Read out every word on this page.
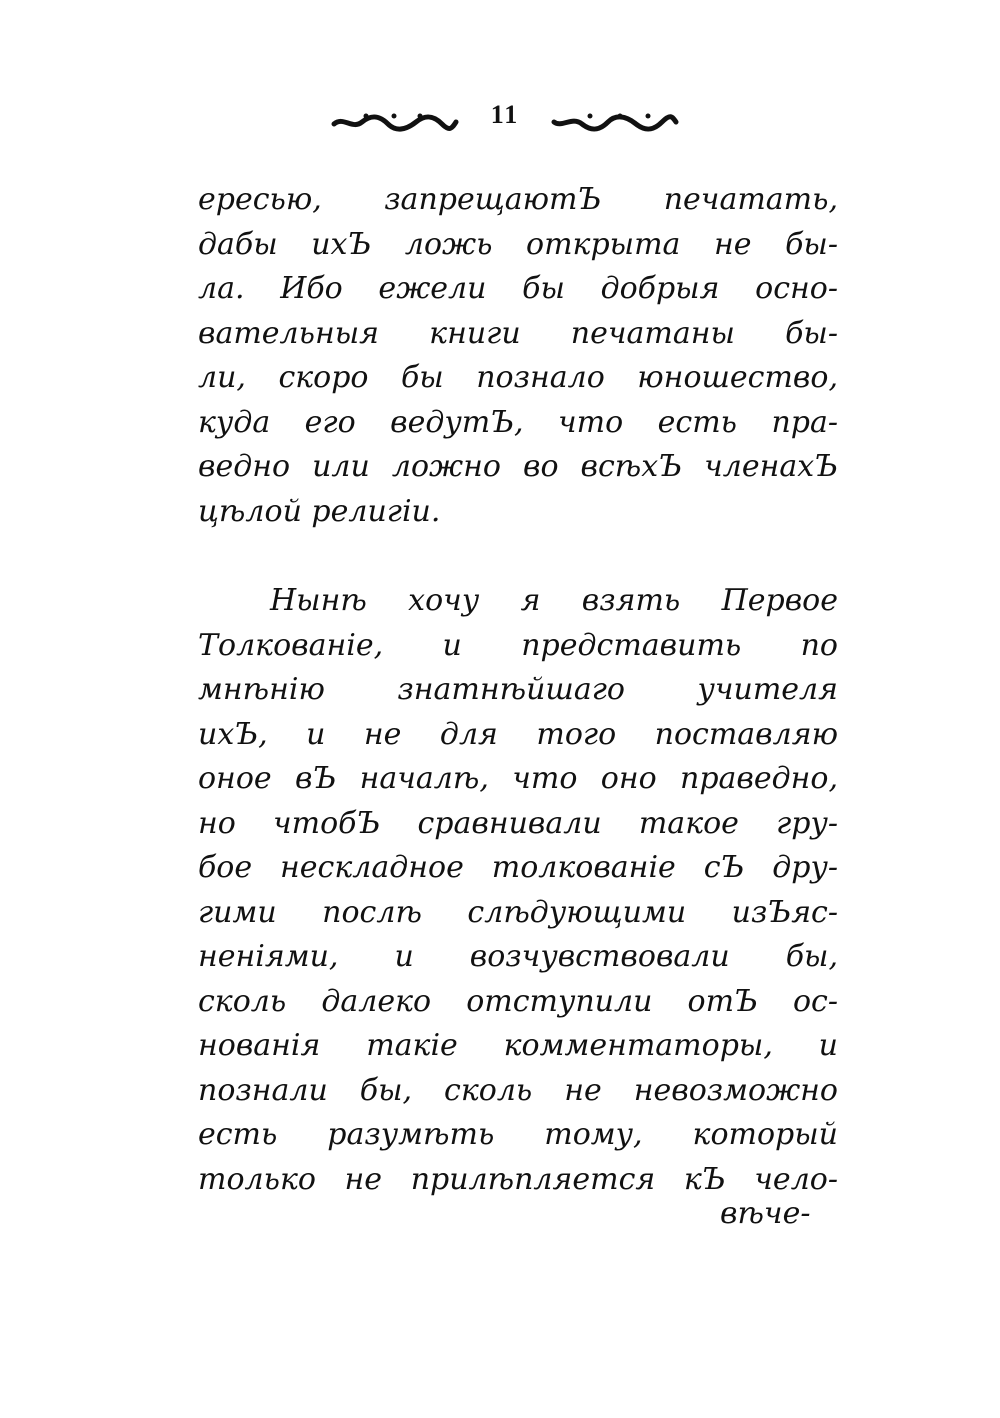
11
ересью, запрещаютЪ печатать,
дабы ихЪ ложь открыта не бы-
ла. Ибо ежели бы добрыя осно-
вательныя книги печатаны бы-
ли, скоро бы познало юношество,
куда его ведутЪ, что есть пра-
ведно или ложно во всѣхЪ членахЪ
цѣлой религіи.
Нынѣ хочу я взять Первое
Толкованіе, и представить по
мнѣнію знатнѣйшаго учителя
ихЪ, и не для того поставляю
оное вЪ началѣ, что оно праведно,
но чтобЪ сравнивали такое гру-
бое нескладное толкованіе сЪ дру-
гими послѣ слѣдующими изЪяс-
неніями, и возчувствовали бы,
сколь далеко отступили отЪ ос-
нованія такіе комментаторы, и
познали бы, сколь не невозможно
есть разумѣть тому, который
только не прилѣпляется кЪ чело-
вѣче-
